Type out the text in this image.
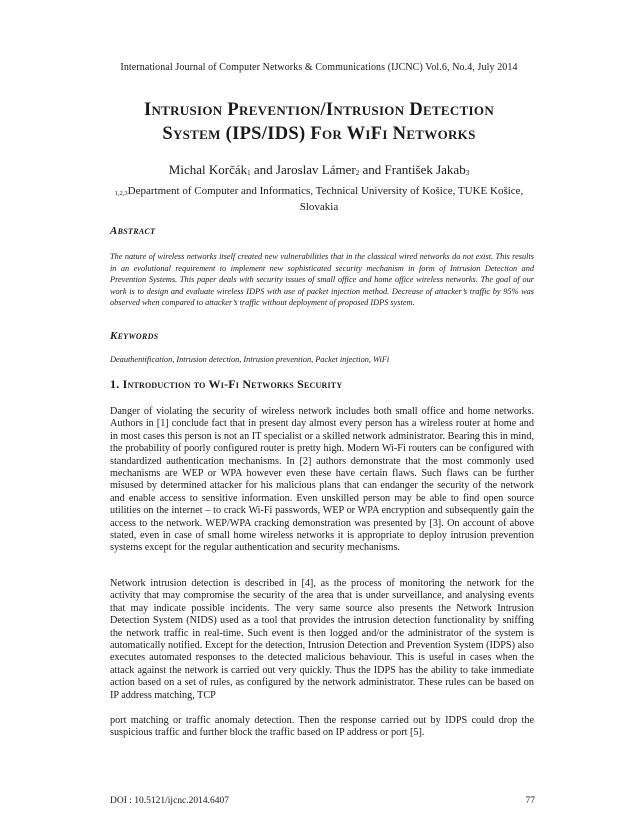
International Journal of Computer Networks & Communications (IJCNC) Vol.6, No.4, July 2014
Intrusion Prevention/Intrusion Detection
System (IPS/IDS) For WiFi Networks
Michal Korčák$_1$ and Jaroslav Lámer$_2$ and František Jakab$_3$
$_{1,2,3}$Department of Computer and Informatics, Technical University of Košice, TUKE Košice, Slovakia
Abstract
The nature of wireless networks itself created new vulnerabilities that in the classical wired networks do not exist. This results in an evolutional requirement to implement new sophisticated security mechanism in form of Intrusion Detection and Prevention Systems. This paper deals with security issues of small office and home office wireless networks. The goal of our work is to design and evaluate wireless IDPS with use of packet injection method. Decrease of attacker’s traffic by 95% was observed when compared to attacker’s traffic without deployment of proposed IDPS system.
Keywords
Deauthentification, Intrusion detection, Intrusion prevention, Packet injection, WiFi
1. Introduction to Wi-Fi Networks Security
Danger of violating the security of wireless network includes both small office and home networks. Authors in [1] conclude fact that in present day almost every person has a wireless router at home and in most cases this person is not an IT specialist or a skilled network administrator. Bearing this in mind, the probability of poorly configured router is pretty high. Modern Wi-Fi routers can be configured with standardized authentication mechanisms. In [2] authors demonstrate that the most commonly used mechanisms are WEP or WPA however even these have certain flaws. Such flaws can be further misused by determined attacker for his malicious plans that can endanger the security of the network and enable access to sensitive information. Even unskilled person may be able to find open source utilities on the internet – to crack Wi-Fi passwords, WEP or WPA encryption and subsequently gain the access to the network. WEP/WPA cracking demonstration was presented by [3]. On account of above stated, even in case of small home wireless networks it is appropriate to deploy intrusion prevention systems except for the regular authentication and security mechanisms.
Network intrusion detection is described in [4], as the process of monitoring the network for the activity that may compromise the security of the area that is under surveillance, and analysing events that may indicate possible incidents. The very same source also presents the Network Intrusion Detection System (NIDS) used as a tool that provides the intrusion detection functionality by sniffing the network traffic in real-time. Such event is then logged and/or the administrator of the system is automatically notified. Except for the detection, Intrusion Detection and Prevention System (IDPS) also executes automated responses to the detected malicious behaviour. This is useful in cases when the attack against the network is carried out very quickly. Thus the IDPS has the ability to take immediate action based on a set of rules, as configured by the network administrator. These rules can be based on IP address matching, TCP
port matching or traffic anomaly detection. Then the response carried out by IDPS could drop the suspicious traffic and further block the traffic based on IP address or port [5].
DOI : 10.5121/ijcnc.2014.6407	77
